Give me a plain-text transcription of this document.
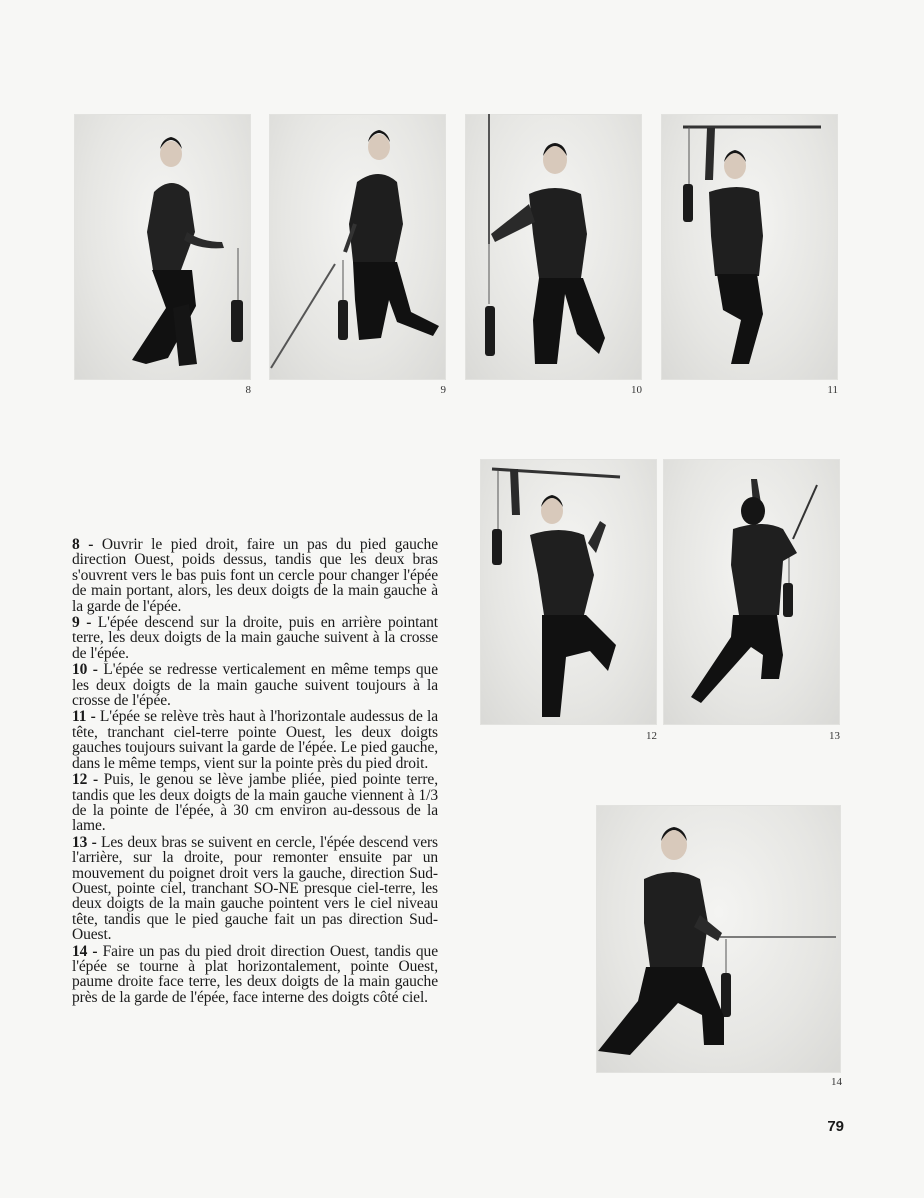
8	9	10	11
12	13
14

8 - Ouvrir le pied droit, faire un pas du pied gauche direction Ouest, poids dessus, tandis que les deux bras s'ouvrent vers le bas puis font un cercle pour changer l'épée de main portant, alors, les deux doigts de la main gauche à la garde de l'épée.

9 - L'épée descend sur la droite, puis en arrière pointant terre, les deux doigts de la main gauche suivent à la crosse de l'épée.

10 - L'épée se redresse verticalement en même temps que les deux doigts de la main gauche suivent toujours à la crosse de l'épée.

11 - L'épée se relève très haut à l'horizontale audessus de la tête, tranchant ciel-terre pointe Ouest, les deux doigts gauches toujours suivant la garde de l'épée. Le pied gauche, dans le même temps, vient sur la pointe près du pied droit.

12 - Puis, le genou se lève jambe pliée, pied pointe terre, tandis que les deux doigts de la main gauche viennent à 1/3 de la pointe de l'épée, à 30 cm environ au-dessous de la lame.

13 - Les deux bras se suivent en cercle, l'épée descend vers l'arrière, sur la droite, pour remonter ensuite par un mouvement du poignet droit vers la gauche, direction Sud-Ouest, pointe ciel, tranchant SO-NE presque ciel-terre, les deux doigts de la main gauche pointent vers le ciel niveau tête, tandis que le pied gauche fait un pas direction Sud-Ouest.

14 - Faire un pas du pied droit direction Ouest, tandis que l'épée se tourne à plat horizontalement, pointe Ouest, paume droite face terre, les deux doigts de la main gauche près de la garde de l'épée, face interne des doigts côté ciel.

79
